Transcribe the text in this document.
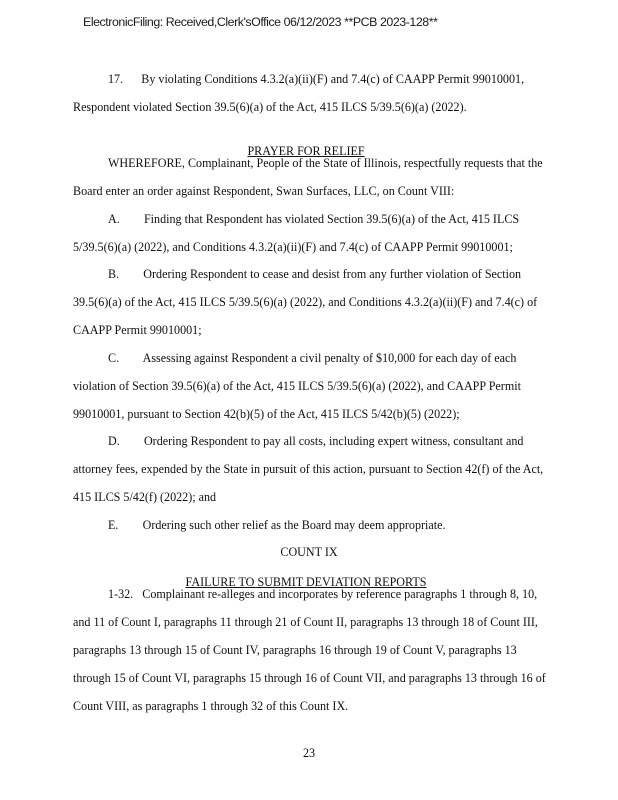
ElectronicFiling: Received,Clerk'sOffice 06/12/2023 **PCB 2023-128**
17.      By violating Conditions 4.3.2(a)(ii)(F) and 7.4(c) of CAAPP Permit 99010001,
Respondent violated Section 39.5(6)(a) of the Act, 415 ILCS 5/39.5(6)(a) (2022).
WHEREFORE, Complainant, People of the State of Illinois, respectfully requests that the
Board enter an order against Respondent, Swan Surfaces, LLC, on Count VIII:
A.        Finding that Respondent has violated Section 39.5(6)(a) of the Act, 415 ILCS
5/39.5(6)(a) (2022), and Conditions 4.3.2(a)(ii)(F) and 7.4(c) of CAAPP Permit 99010001;
B.        Ordering Respondent to cease and desist from any further violation of Section
39.5(6)(a) of the Act, 415 ILCS 5/39.5(6)(a) (2022), and Conditions 4.3.2(a)(ii)(F) and 7.4(c) of
CAAPP Permit 99010001;
C.        Assessing against Respondent a civil penalty of $10,000 for each day of each
violation of Section 39.5(6)(a) of the Act, 415 ILCS 5/39.5(6)(a) (2022), and CAAPP Permit
99010001, pursuant to Section 42(b)(5) of the Act, 415 ILCS 5/42(b)(5) (2022);
D.        Ordering Respondent to pay all costs, including expert witness, consultant and
attorney fees, expended by the State in pursuit of this action, pursuant to Section 42(f) of the Act,
415 ILCS 5/42(f) (2022); and
E.        Ordering such other relief as the Board may deem appropriate.
1-32.   Complainant re-alleges and incorporates by reference paragraphs 1 through 8, 10,
and 11 of Count I, paragraphs 11 through 21 of Count II, paragraphs 13 through 18 of Count III,
paragraphs 13 through 15 of Count IV, paragraphs 16 through 19 of Count V, paragraphs 13
through 15 of Count VI, paragraphs 15 through 16 of Count VII, and paragraphs 13 through 16 of
Count VIII, as paragraphs 1 through 32 of this Count IX.

PRAYER FOR RELIEF

COUNT IX

FAILURE TO SUBMIT DEVIATION REPORTS

23
